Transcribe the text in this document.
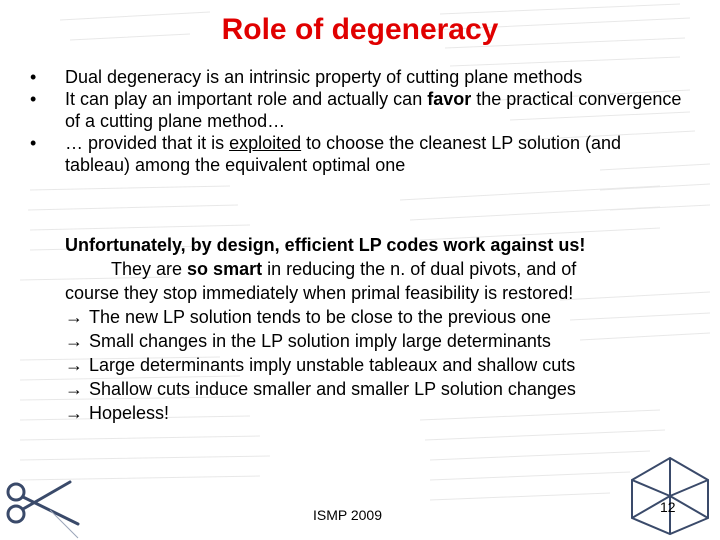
Role of degeneracy
• Dual degeneracy is an intrinsic property of cutting plane methods
• It can play an important role and actually can favor the practical convergence of a cutting plane method…
• … provided that it is exploited to choose the cleanest LP solution (and tableau) among the equivalent optimal one
Unfortunately, by design, efficient LP codes work against us!
They are so smart in reducing the n. of dual pivots, and of
course they stop immediately when primal feasibility is restored!
→ The new LP solution tends to be close to the previous one
→ Small changes in the LP solution imply large determinants
→ Large determinants imply unstable tableaux and shallow cuts
→ Shallow cuts induce smaller and smaller LP solution changes
→ Hopeless!
12
ISMP 2009
